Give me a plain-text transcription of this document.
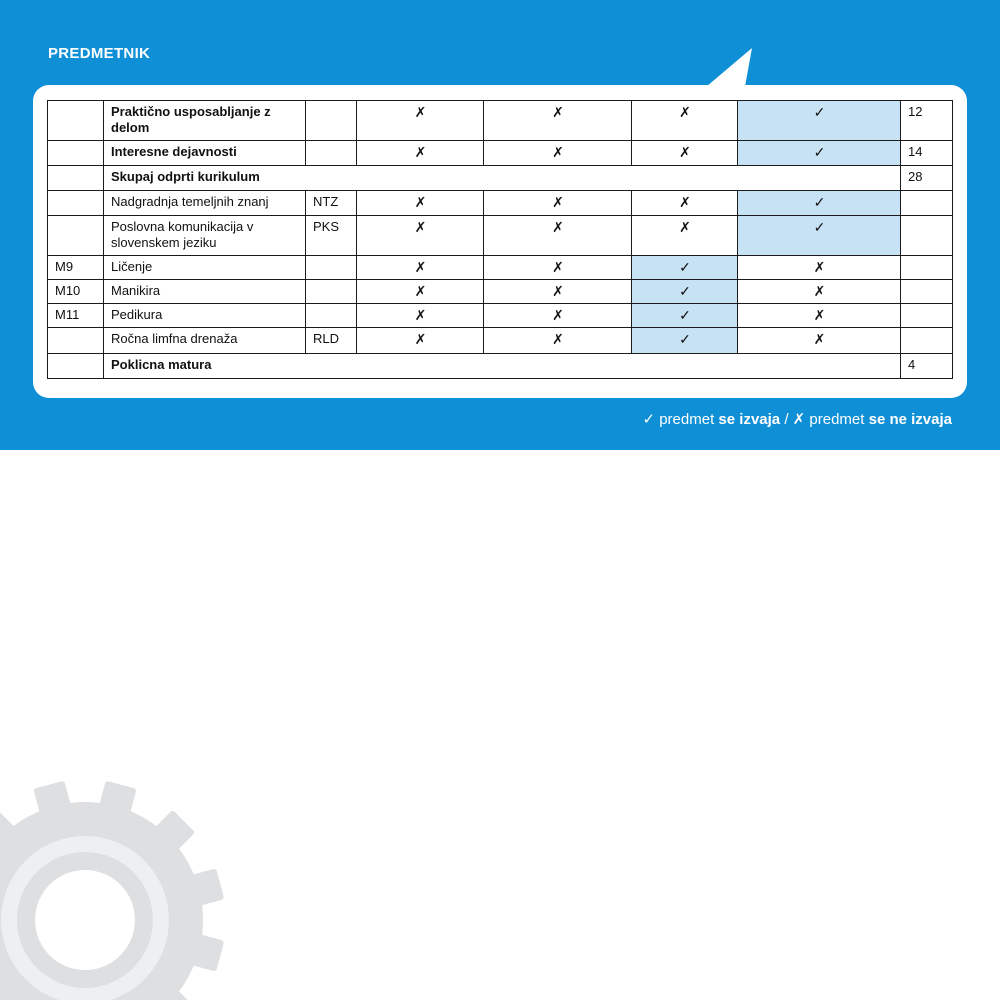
PREDMETNIK
	Praktično usposabljanje z delom		✗	✗	✗	✓	12
	Interesne dejavnosti		✗	✗	✗	✓	14
	Skupaj odprti kurikulum						28
	Nadgradnja temeljnih znanj	NTZ	✗	✗	✗	✓	
	Poslovna komunikacija v slovenskem jeziku	PKS	✗	✗	✗	✓	
M9	Ličenje		✗	✗	✓	✗	
M10	Manikira		✗	✗	✓	✗	
M11	Pedikura		✗	✗	✓	✗	
	Ročna limfna drenaža	RLD	✗	✗	✓	✗	
	Poklicna matura						4

✓ predmet se izvaja / ✗ predmet se ne izvaja
